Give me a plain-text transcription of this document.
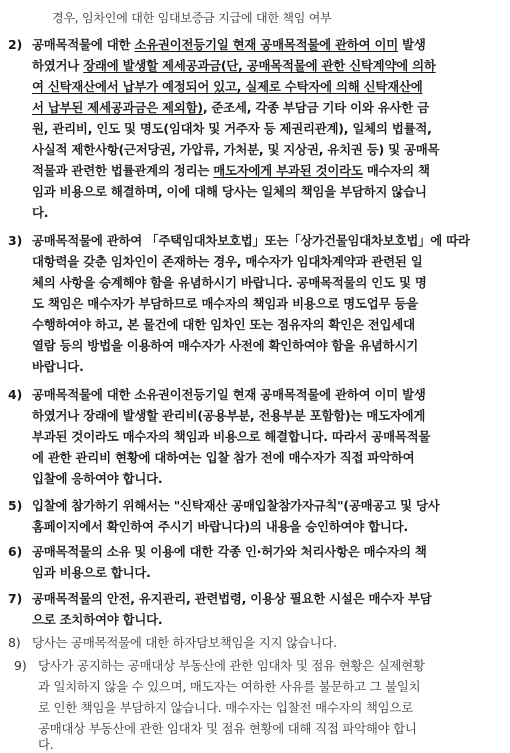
경우, 임차인에 대한 임대보증금 지급에 대한 책임 여부
2) 공매목적물에 대한 소유권이전등기일 현재 공매목적물에 관하여 이미 발생
하였거나 장래에 발생할 제세공과금(단, 공매목적물에 관한 신탁계약에 의하
여 신탁재산에서 납부가 예정되어 있고, 실제로 수탁자에 의해 신탁재산에
서 납부된 제세공과금은 제외함), 준조세, 각종 부담금 기타 이와 유사한 금
원, 관리비, 인도 및 명도(임대차 및 거주자 등 제권리관계), 일체의 법률적,
사실적 제한사항(근저당권, 가압류, 가처분, 및 지상권, 유치권 등) 및 공매목
적물과 관련한 법률관계의 정리는 매도자에게 부과된 것이라도 매수자의 책
임과 비용으로 해결하며, 이에 대해 당사는 일체의 책임을 부담하지 않습니
다.
3) 공매목적물에 관하여 「주택임대차보호법」또는「상가건물임대차보호법」에 따라
대항력을 갖춘 임차인이 존재하는 경우, 매수자가 임대차계약과 관련된 일
체의 사항을 승계해야 함을 유념하시기 바랍니다. 공매목적물의 인도 및 명
도 책임은 매수자가 부담하므로 매수자의 책임과 비용으로 명도업무 등을
수행하여야 하고, 본 물건에 대한 임차인 또는 점유자의 확인은 전입세대
열람 등의 방법을 이용하여 매수자가 사전에 확인하여야 함을 유념하시기
바랍니다.
4) 공매목적물에 대한 소유권이전등기일 현재 공매목적물에 관하여 이미 발생
하였거나 장래에 발생할 관리비(공용부분, 전용부분 포함함)는 매도자에게
부과된 것이라도 매수자의 책임과 비용으로 해결합니다. 따라서 공매목적물
에 관한 관리비 현황에 대하여는 입찰 참가 전에 매수자가 직접 파악하여
입찰에 응하여야 합니다.
5) 입찰에 참가하기 위해서는 "신탁재산 공매입찰참가자규칙"(공매공고 및 당사
홈페이지에서 확인하여 주시기 바랍니다)의 내용을 승인하여야 합니다.
6) 공매목적물의 소유 및 이용에 대한 각종 인·허가와 처리사항은 매수자의 책
임과 비용으로 합니다.
7) 공매목적물의 안전, 유지관리, 관련법령, 이용상 필요한 시설은 매수자 부담
으로 조치하여야 합니다.
8) 당사는 공매목적물에 대한 하자담보책임을 지지 않습니다.
9) 당사가 공지하는 공매대상 부동산에 관한 임대차 및 점유 현황은 실제현황
과 일치하지 않을 수 있으며, 매도자는 여하한 사유를 불문하고 그 불일치
로 인한 책임을 부담하지 않습니다. 매수자는 입찰전 매수자의 책임으로
공매대상 부동산에 관한 임대차 및 점유 현황에 대해 직접 파악해야 합니
다.
